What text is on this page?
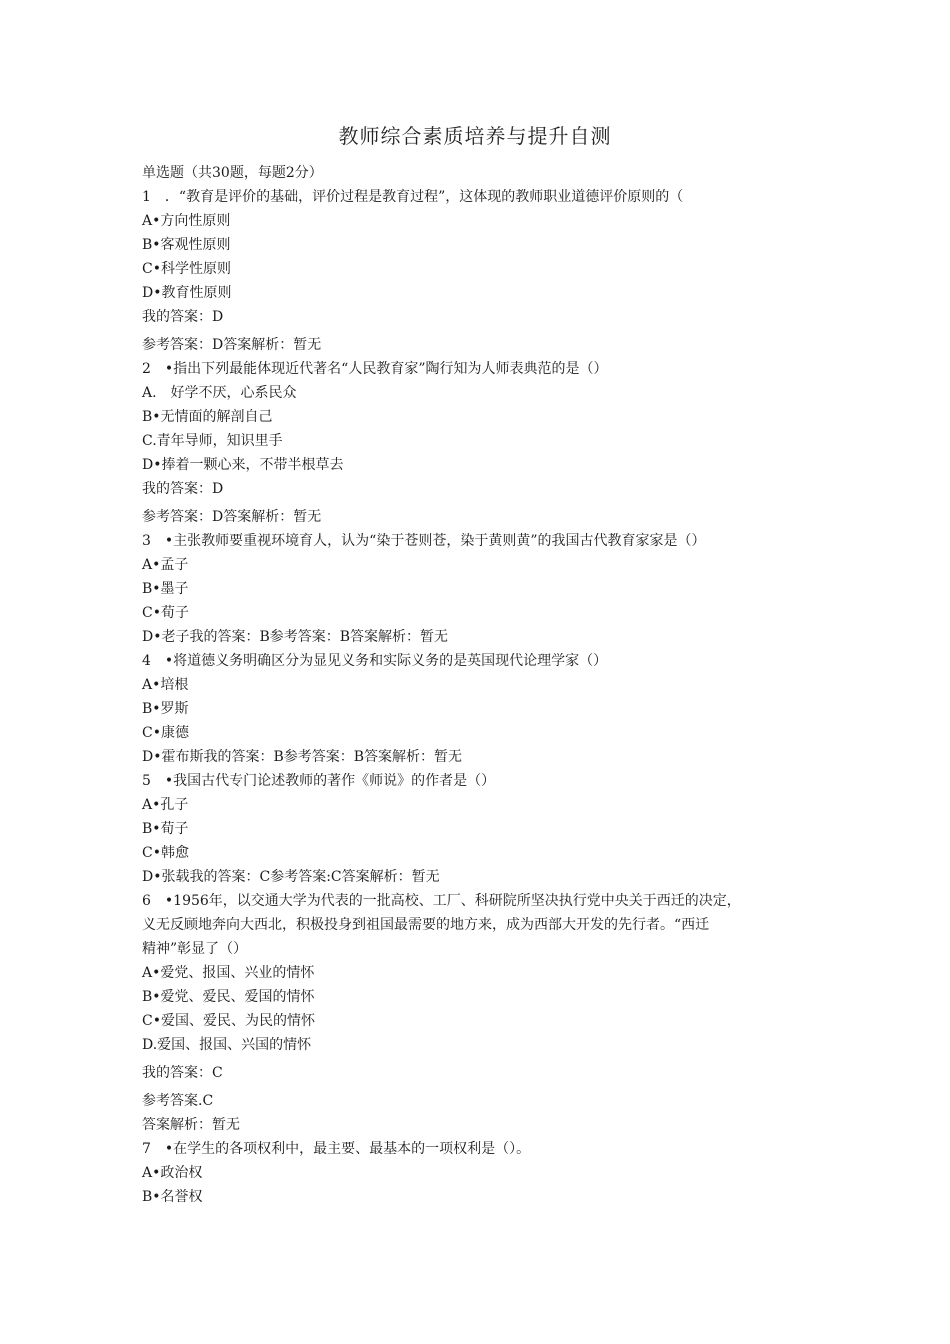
教师综合素质培养与提升自测
单选题（共30题，每题2分）
1　．“教育是评价的基础，评价过程是教育过程”，这体现的教师职业道德评价原则的（
A•方向性原则
B•客观性原则
C•科学性原则
D•教育性原则
我的答案：D
参考答案：D答案解析：暂无
2　•指出下列最能体现近代著名“人民教育家”陶行知为人师表典范的是（）
A.　好学不厌，心系民众
B•无情面的解剖自己
C.青年导师，知识里手
D•捧着一颗心来，不带半根草去
我的答案：D
参考答案：D答案解析：暂无
3　•主张教师要重视环境育人，认为“染于苍则苍，染于黄则黄”的我国古代教育家家是（）
A•孟子
B•墨子
C•荀子
D•老子我的答案：B参考答案：B答案解析：暂无
4　•将道德义务明确区分为显见义务和实际义务的是英国现代论理学家（）
A•培根
B•罗斯
C•康德
D•霍布斯我的答案：B参考答案：B答案解析：暂无
5　•我国古代专门论述教师的著作《师说》的作者是（）
A•孔子
B•荀子
C•韩愈
D•张载我的答案：C参考答案:C答案解析：暂无
6　•1956年，以交通大学为代表的一批高校、工厂、科研院所坚决执行党中央关于西迁的决定，
义无反顾地奔向大西北，积极投身到祖国最需要的地方来，成为西部大开发的先行者。“西迁
精神”彰显了（）
A•爱党、报国、兴业的情怀
B•爱党、爱民、爱国的情怀
C•爱国、爱民、为民的情怀
D.爱国、报国、兴国的情怀
我的答案：C
参考答案.C
答案解析：暂无
7　•在学生的各项权利中，最主要、最基本的一项权利是（）。
A•政治权
B•名誉权
